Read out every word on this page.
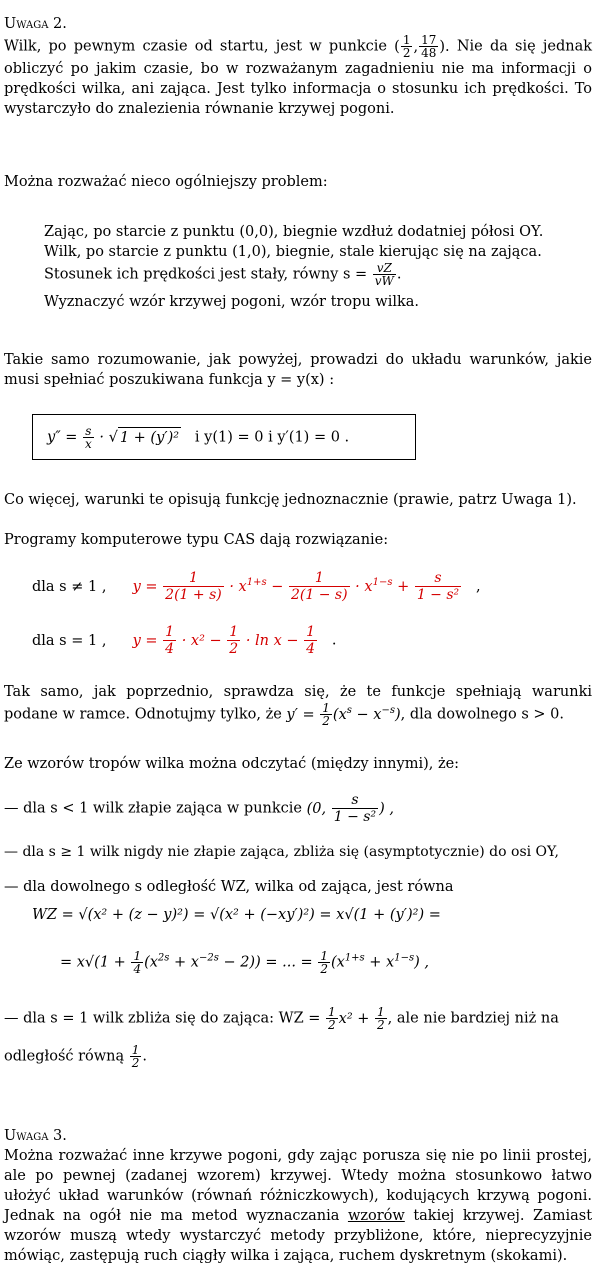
Uwaga 2.
Wilk, po pewnym czasie od startu, jest w punkcie ( $\frac{1}{2}$ , $\frac{17}{48}$ ). Nie da się jednak obliczyć po jakim czasie, bo w rozważanym zagadnieniu nie ma informacji o prędkości wilka, ani zająca. Jest tylko informacja o stosunku ich prędkości. To wystarczyło do znalezienia równanie krzywej pogoni.
Można rozważać nieco ogólniejszy problem:
Zając, po starcie z punktu (0,0), biegnie wzdłuż dodatniej półosi OY.
Wilk, po starcie z punktu (1,0), biegnie, stale kierując się na zająca.
Stosunek ich prędkości jest stały, równy $s = \frac{vZ}{vW}$ .
Wyznaczyć wzór krzywej pogoni, wzór tropu wilka.
Takie samo rozumowanie, jak powyżej, prowadzi do układu warunków, jakie musi spełniać poszukiwana funkcja y = y(x) :
$y'' = \frac{s}{x}$ · √ 1 + (y′)² i y(1) = 0 i y′(1) = 0 .
Co więcej, warunki te opisują funkcję jednoznacznie (prawie, patrz Uwaga 1).
Programy komputerowe typu CAS dają rozwiązanie:
dla s ≠ 1 , $y = \frac{1}{2(1 + s)} \cdot x^{1+s} - \frac{1}{2(1 - s)} \cdot x^{1-s} + \frac{s}{\text{1 − s²}}$ ,
dla s = 1 , $y = \frac{1}{4} \cdot x^2 - \frac{1}{2} \cdot \ln x - \frac{1}{4}$ .
Tak samo, jak poprzednio, sprawdza się, że te funkcje spełniają warunki podane w ramce. Odnotujmy tylko, że $y' = \frac{1}{2} (x^s - x^{-s})$, dla dowolnego s > 0.
Ze wzorów tropów wilka można odczytać (między innymi), że:
— dla s < 1 wilk złapie zająca w punkcie (0, $\frac{s}{\text{1 − s²}}$ ) ,
— dla s ≥ 1 wilk nigdy nie złapie zająca, zbliża się (asymptotycznie) do osi OY,
— dla dowolnego s odległość WZ, wilka od zająca, jest równa
WZ = √(x² + (z − y)²) = √(x² + (−xy′)²) = x√(1 + (y′)²) =
= $x√(1 + \frac{1}{4} (x^{2s} + x^{-2s} - 2))$ = ... = $\frac{1}{2} (x^{1+s} + x^{1-s})$ ,
— dla s = 1 wilk zbliża się do zająca: WZ = $\frac{1}{2} x^2 + \frac{1}{2}$ , ale nie bardziej niż na
odległość równą $\frac{1}{2}$ .
Uwaga 3.
Można rozważać inne krzywe pogoni, gdy zając porusza się nie po linii prostej, ale po pewnej (zadanej wzorem) krzywej. Wtedy można stosunkowo łatwo ułożyć układ warunków (równań różniczkowych), kodujących krzywą pogoni. Jednak na ogół nie ma metod wyznaczania wzorów takiej krzywej. Zamiast wzorów muszą wtedy wystarczyć metody przybliżone, które, nieprecyzyjnie mówiąc, zastępują ruch ciągły wilka i zająca, ruchem dyskretnym (skokami).
